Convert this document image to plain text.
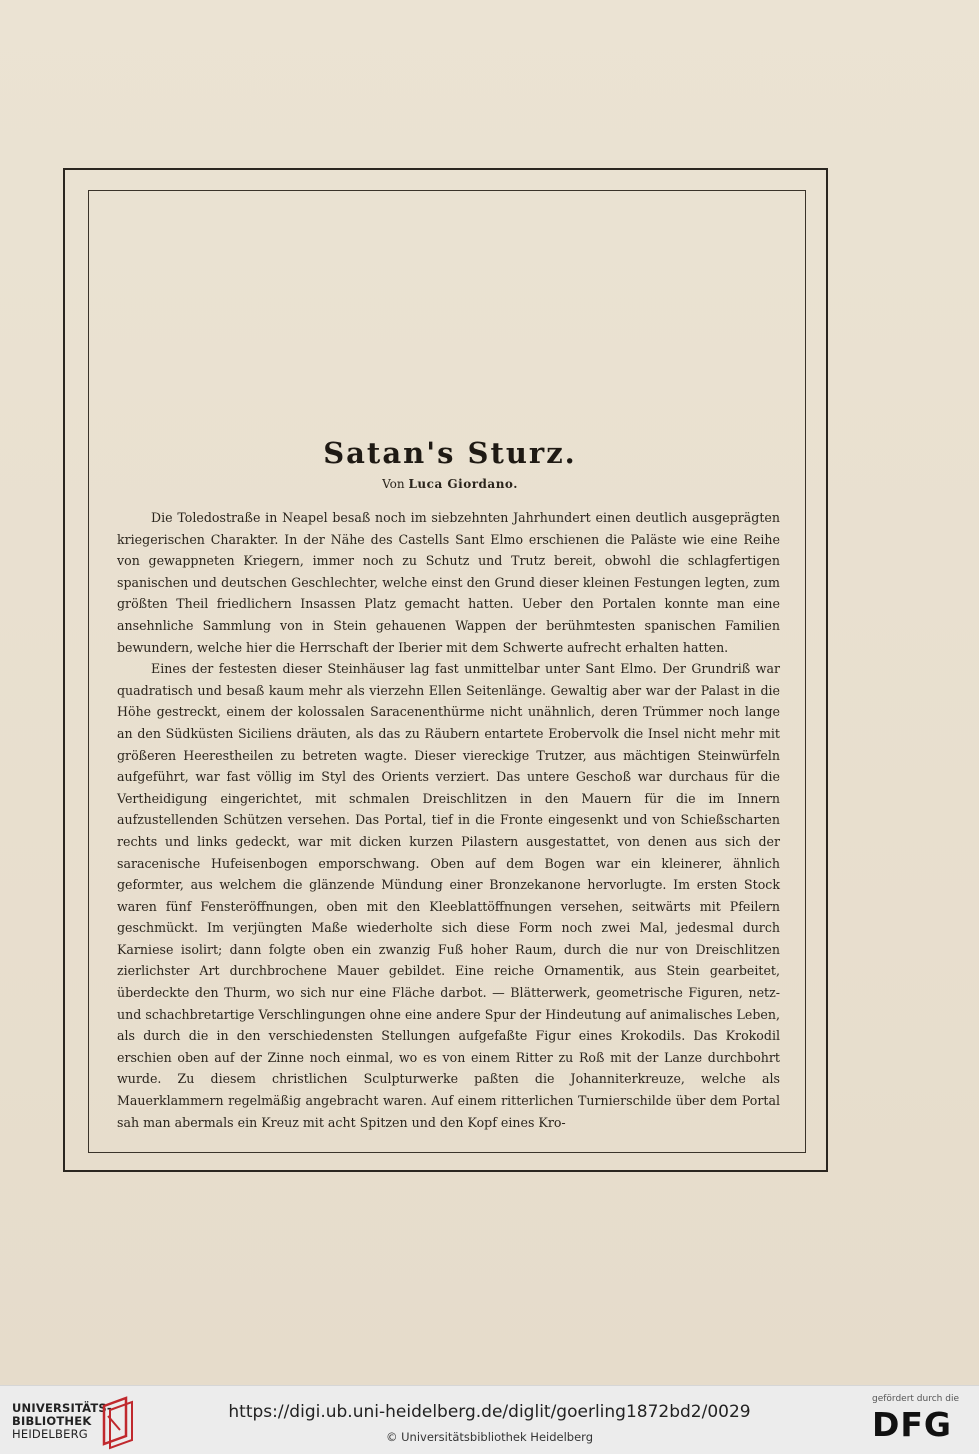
Satan's Sturz.
Von Luca Giordano.

Die Toledostraße in Neapel besaß noch im siebzehnten Jahrhundert einen deutlich ausgeprägten kriegerischen Charakter. In der Nähe des Castells Sant Elmo erschienen die Paläste wie eine Reihe von gewappneten Kriegern, immer noch zu Schutz und Trutz bereit, obwohl die schlagfertigen spanischen und deutschen Geschlechter, welche einst den Grund dieser kleinen Festungen legten, zum größten Theil friedlichern Insassen Platz gemacht hatten. Ueber den Portalen konnte man eine ansehnliche Sammlung von in Stein gehauenen Wappen der berühmtesten spanischen Familien bewundern, welche hier die Herrschaft der Iberier mit dem Schwerte aufrecht erhalten hatten.

Eines der festesten dieser Steinhäuser lag fast unmittelbar unter Sant Elmo. Der Grundriß war quadratisch und besaß kaum mehr als vierzehn Ellen Seitenlänge. Gewaltig aber war der Palast in die Höhe gestreckt, einem der kolossalen Saracenenthürme nicht unähnlich, deren Trümmer noch lange an den Südküsten Siciliens dräuten, als das zu Räubern entartete Erobervolk die Insel nicht mehr mit größeren Heerestheilen zu betreten wagte. Dieser viereckige Trutzer, aus mächtigen Steinwürfeln aufgeführt, war fast völlig im Styl des Orients verziert. Das untere Geschoß war durchaus für die Vertheidigung eingerichtet, mit schmalen Dreischlitzen in den Mauern für die im Innern aufzustellenden Schützen versehen. Das Portal, tief in die Fronte eingesenkt und von Schießscharten rechts und links gedeckt, war mit dicken kurzen Pilastern ausgestattet, von denen aus sich der saracenische Hufeisenbogen emporschwang. Oben auf dem Bogen war ein kleinerer, ähnlich geformter, aus welchem die glänzende Mündung einer Bronzekanone hervorlugte. Im ersten Stock waren fünf Fensteröffnungen, oben mit den Kleeblattöffnungen versehen, seitwärts mit Pfeilern geschmückt. Im verjüngten Maße wiederholte sich diese Form noch zwei Mal, jedesmal durch Karniese isolirt; dann folgte oben ein zwanzig Fuß hoher Raum, durch die nur von Dreischlitzen zierlichster Art durchbrochene Mauer gebildet. Eine reiche Ornamentik, aus Stein gearbeitet, überdeckte den Thurm, wo sich nur eine Fläche darbot. — Blätterwerk, geometrische Figuren, netz- und schachbretartige Verschlingungen ohne eine andere Spur der Hindeutung auf animalisches Leben, als durch die in den verschiedensten Stellungen aufgefaßte Figur eines Krokodils. Das Krokodil erschien oben auf der Zinne noch einmal, wo es von einem Ritter zu Roß mit der Lanze durchbohrt wurde. Zu diesem christlichen Sculpturwerke paßten die Johanniterkreuze, welche als Mauerklammern regelmäßig angebracht waren. Auf einem ritterlichen Turnierschilde über dem Portal sah man abermals ein Kreuz mit acht Spitzen und den Kopf eines Kro-

UNIVERSITÄTS-
BIBLIOTHEK
HEIDELBERG
https://digi.ub.uni-heidelberg.de/diglit/goerling1872bd2/0029
© Universitätsbibliothek Heidelberg
gefördert durch die
DFG
